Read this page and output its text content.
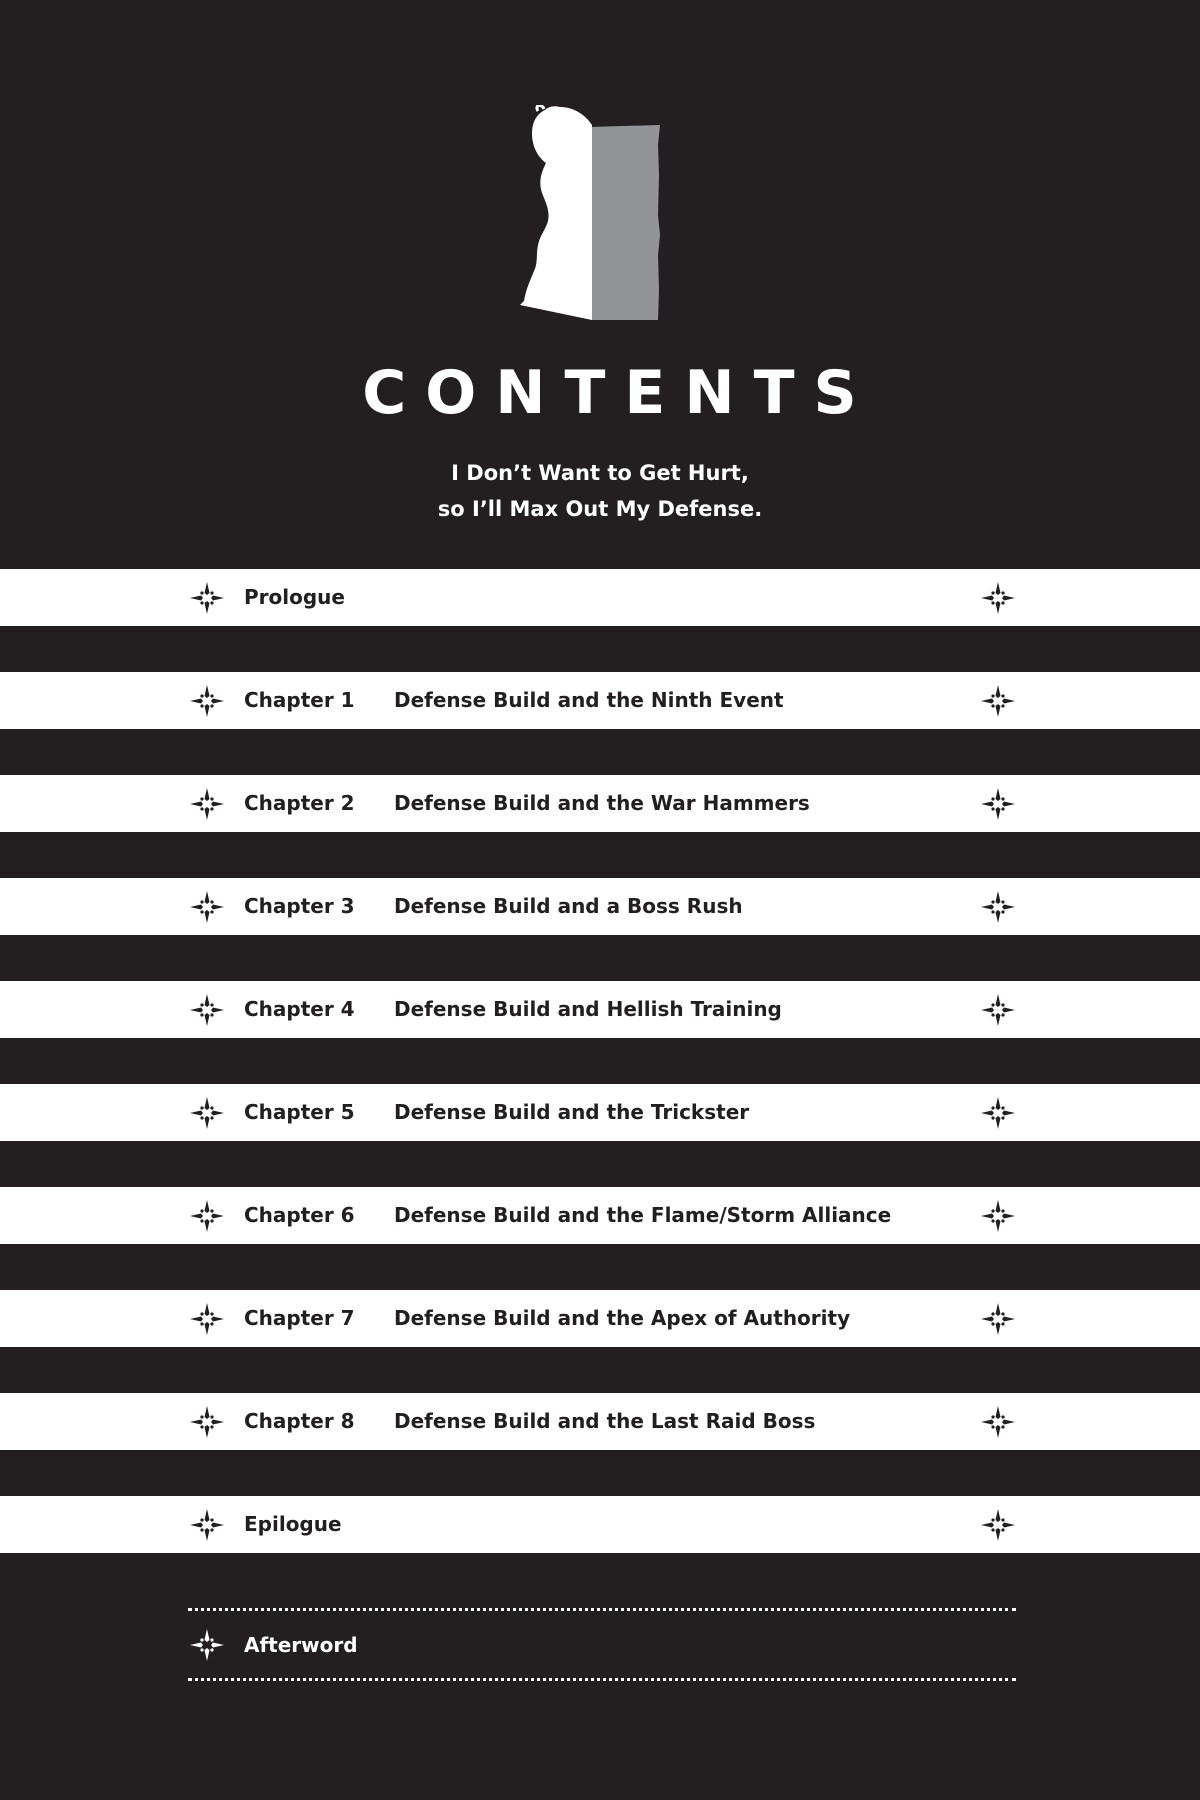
CONTENTS
I Don’t Want to Get Hurt,
so I’ll Max Out My Defense.
Prologue
Chapter 1 Defense Build and the Ninth Event
Chapter 2 Defense Build and the War Hammers
Chapter 3 Defense Build and a Boss Rush
Chapter 4 Defense Build and Hellish Training
Chapter 5 Defense Build and the Trickster
Chapter 6 Defense Build and the Flame/Storm Alliance
Chapter 7 Defense Build and the Apex of Authority
Chapter 8 Defense Build and the Last Raid Boss
Epilogue
Afterword
